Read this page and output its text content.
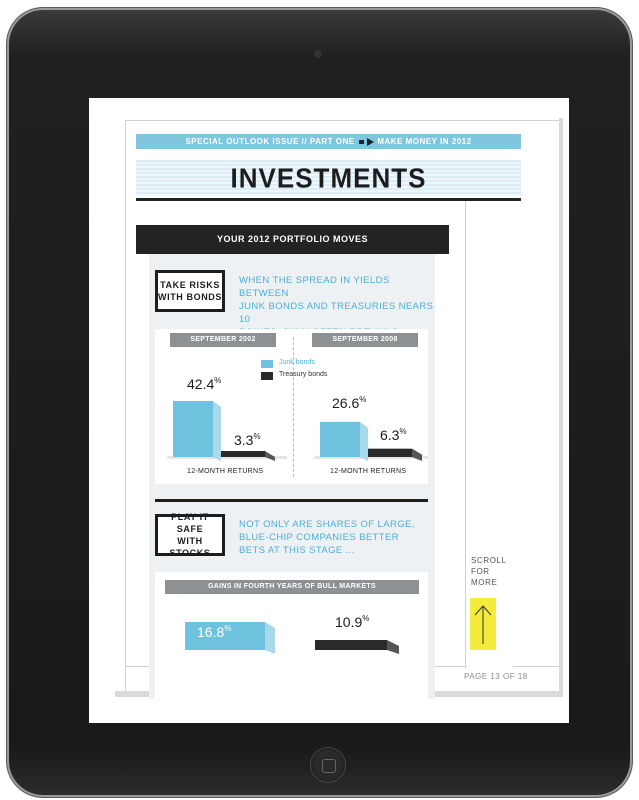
SPECIAL OUTLOOK ISSUE // PART ONE	MAKE MONEY IN 2012
INVESTMENTS
YOUR 2012 PORTFOLIO MOVES
TAKE RISKS
WITH BONDS
WHEN THE SPREAD IN YIELDS BETWEEN
JUNK BONDS AND TREASURIES NEARS 10
SEPTEMBER 2002	SEPTEMBER 2008
Junk bonds
Treasury bonds
42.4%
3.3%
26.6%
6.3%
12-MONTH RETURNS	12-MONTH RETURNS
PLAY IT SAFE
WITH STOCKS
NOT ONLY ARE SHARES OF LARGE,
BLUE-CHIP COMPANIES BETTER
BETS AT THIS STAGE ...
GAINS IN FOURTH YEARS OF BULL MARKETS
16.8%	10.9%
SCROLL
FOR
MORE
PAGE 13 OF 18
